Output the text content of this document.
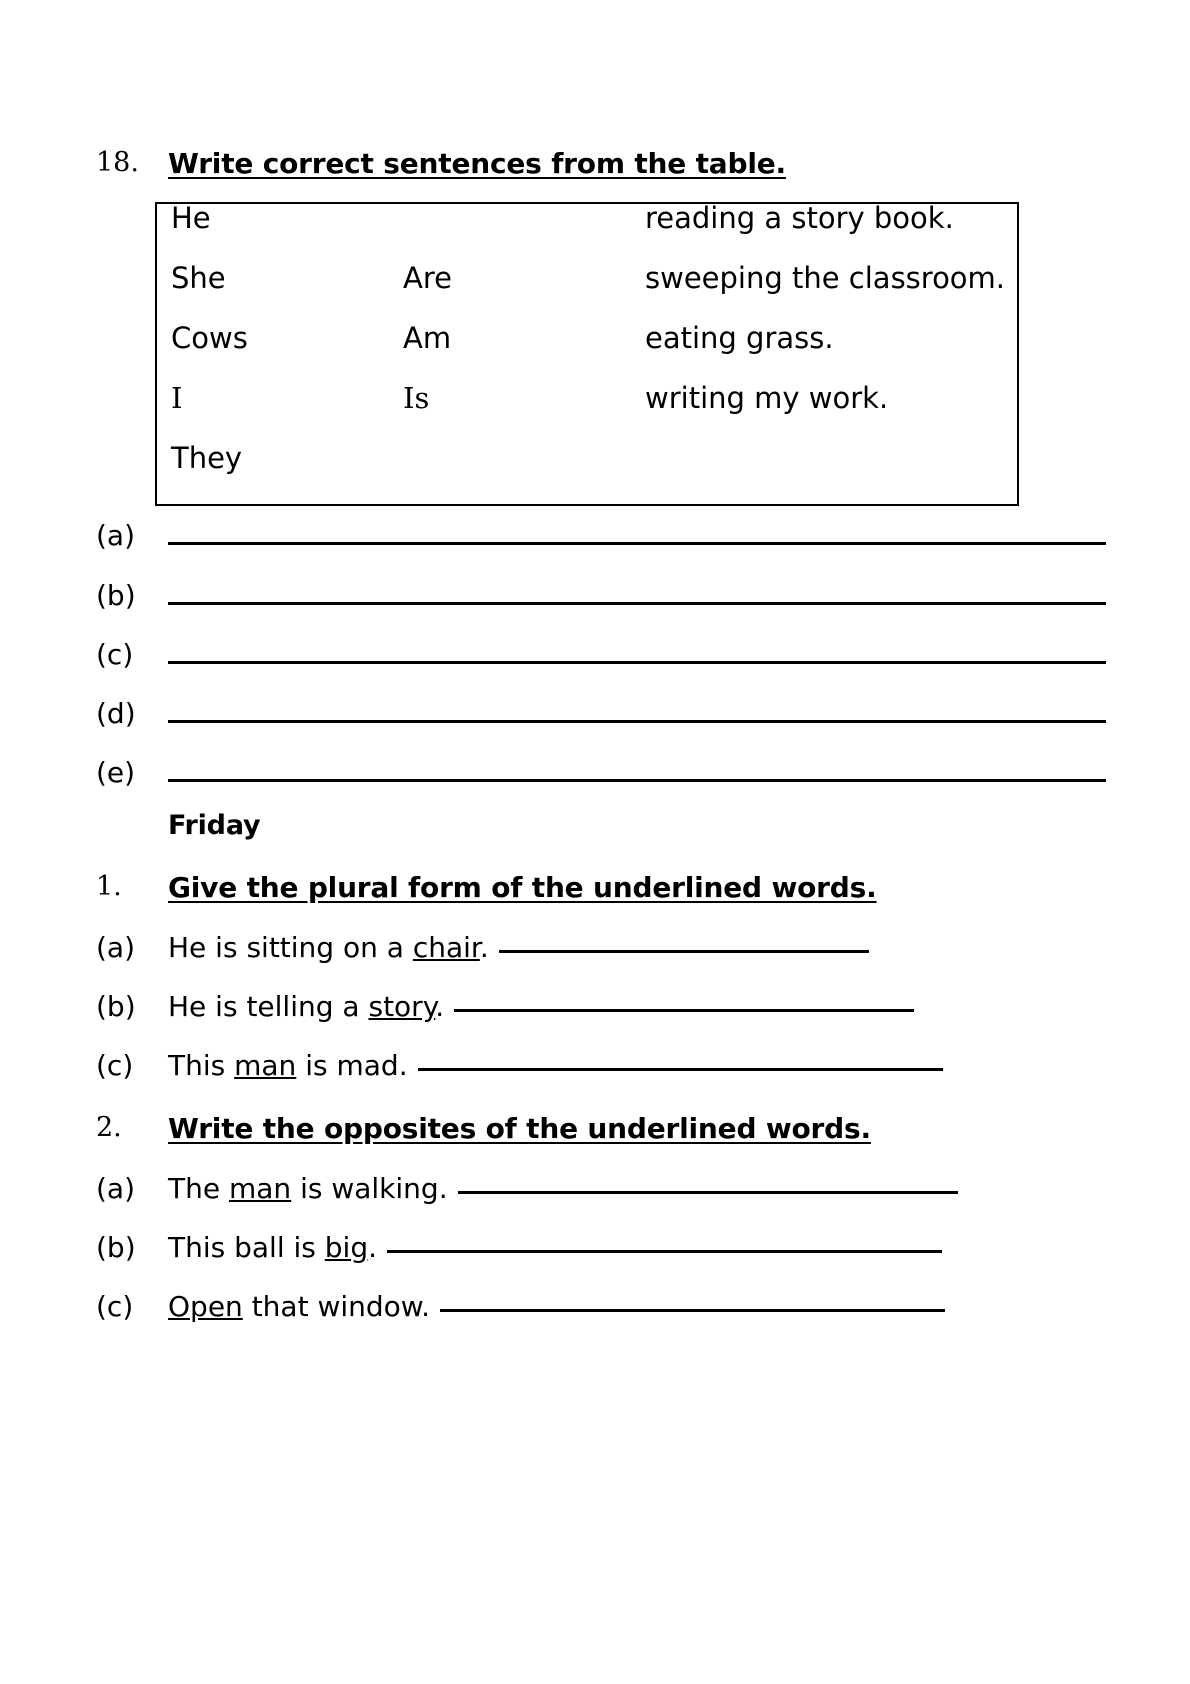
18.	Write correct sentences from the table.
He		reading a story book.
She	Are	sweeping the classroom.
Cows	Am	eating grass.
I	Is	writing my work.
They		
(a)
(b)
(c)
(d)
(e)
Friday
1.	Give the plural form of the underlined words.
(a)	He is sitting on a chair.
(b)	He is telling a story.
(c)	This man is mad.
2.	Write the opposites of the underlined words.
(a)	The man is walking.
(b)	This ball is big.
(c)	Open that window.
